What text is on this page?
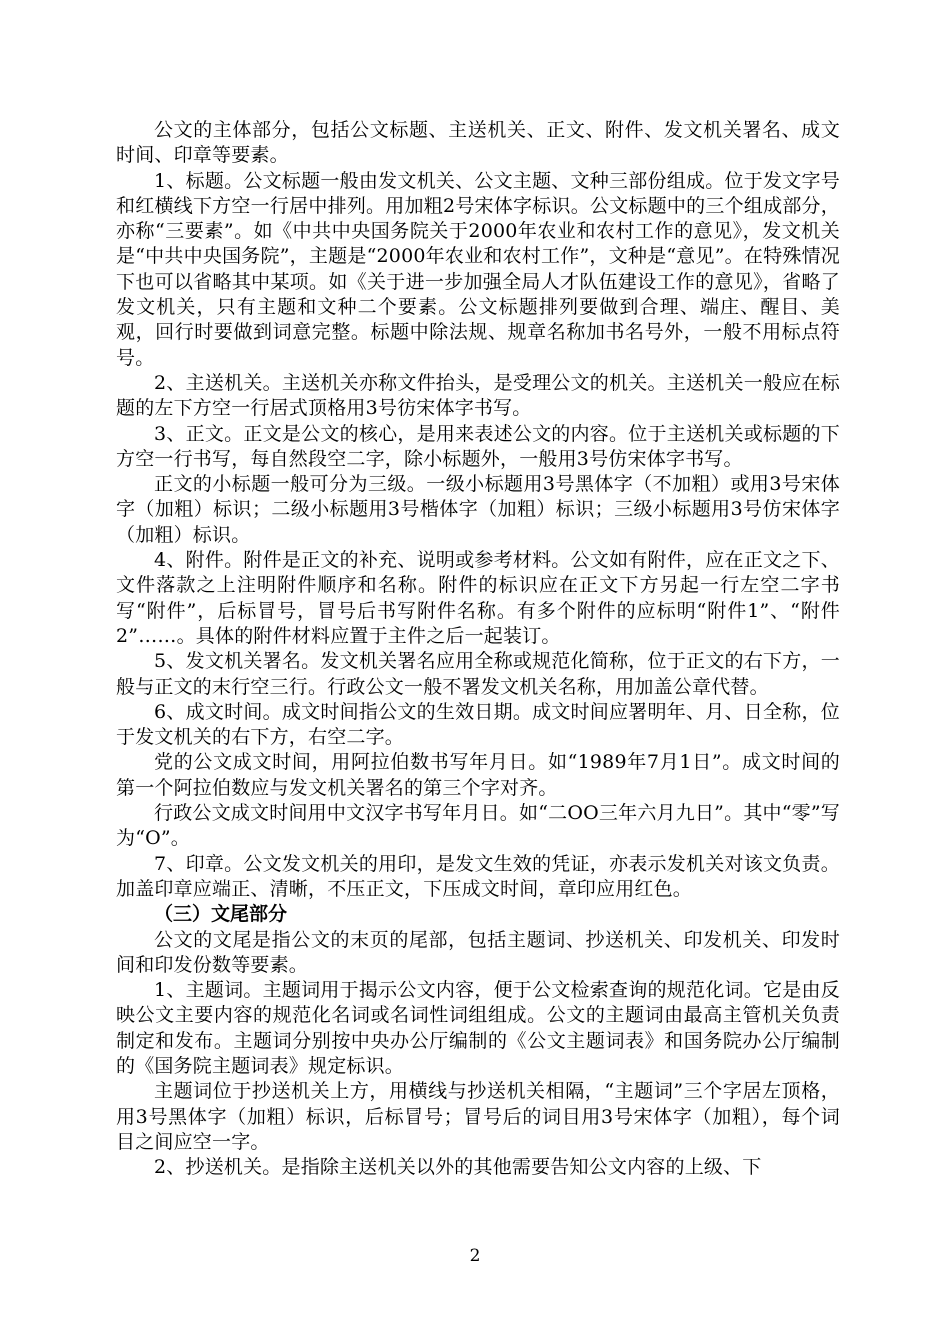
公文的主体部分，包括公文标题、主送机关、正文、附件、发文机关署名、成文时间、印章等要素。

1、标题。公文标题一般由发文机关、公文主题、文种三部份组成。位于发文字号和红横线下方空一行居中排列。用加粗2号宋体字标识。公文标题中的三个组成部分，亦称“三要素”。如《中共中央国务院关于2000年农业和农村工作的意见》，发文机关是“中共中央国务院”，主题是“2000年农业和农村工作”，文种是“意见”。在特殊情况下也可以省略其中某项。如《关于进一步加强全局人才队伍建设工作的意见》，省略了发文机关，只有主题和文种二个要素。公文标题排列要做到合理、端庄、醒目、美观，回行时要做到词意完整。标题中除法规、规章名称加书名号外，一般不用标点符号。

2、主送机关。主送机关亦称文件抬头，是受理公文的机关。主送机关一般应在标题的左下方空一行居式顶格用3号彷宋体字书写。

3、正文。正文是公文的核心，是用来表述公文的内容。位于主送机关或标题的下方空一行书写，每自然段空二字，除小标题外，一般用3号仿宋体字书写。

正文的小标题一般可分为三级。一级小标题用3号黑体字（不加粗）或用3号宋体字（加粗）标识；二级小标题用3号楷体字（加粗）标识；三级小标题用3号仿宋体字（加粗）标识。

4、附件。附件是正文的补充、说明或参考材料。公文如有附件，应在正文之下、文件落款之上注明附件顺序和名称。附件的标识应在正文下方另起一行左空二字书写“附件”，后标冒号，冒号后书写附件名称。有多个附件的应标明“附件1”、“附件2”……。具体的附件材料应置于主件之后一起装订。

5、发文机关署名。发文机关署名应用全称或规范化简称，位于正文的右下方，一般与正文的末行空三行。行政公文一般不署发文机关名称，用加盖公章代替。

6、成文时间。成文时间指公文的生效日期。成文时间应署明年、月、日全称，位于发文机关的右下方，右空二字。

党的公文成文时间，用阿拉伯数书写年月日。如“1989年7月1日”。成文时间的第一个阿拉伯数应与发文机关署名的第三个字对齐。

行政公文成文时间用中文汉字书写年月日。如“二OO三年六月九日”。其中“零”写为“O”。

7、印章。公文发文机关的用印，是发文生效的凭证，亦表示发机关对该文负责。加盖印章应端正、清晰，不压正文，下压成文时间，章印应用红色。

（三）文尾部分

公文的文尾是指公文的末页的尾部，包括主题词、抄送机关、印发机关、印发时间和印发份数等要素。

1、主题词。主题词用于揭示公文内容，便于公文检索查询的规范化词。它是由反映公文主要内容的规范化名词或名词性词组组成。公文的主题词由最高主管机关负责制定和发布。主题词分别按中央办公厅编制的《公文主题词表》和国务院办公厅编制的《国务院主题词表》规定标识。

主题词位于抄送机关上方，用横线与抄送机关相隔，“主题词”三个字居左顶格，用3号黑体字（加粗）标识，后标冒号；冒号后的词目用3号宋体字（加粗），每个词目之间应空一字。

2、抄送机关。是指除主送机关以外的其他需要告知公文内容的上级、下

2
